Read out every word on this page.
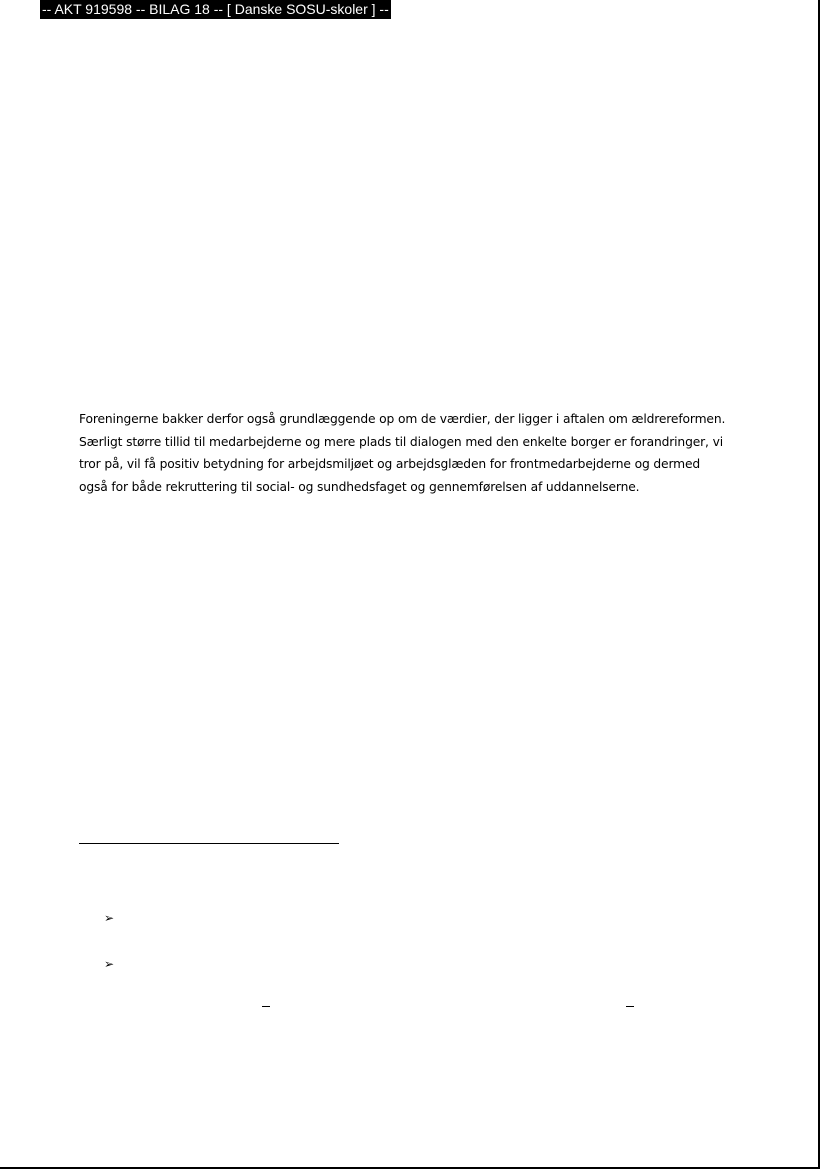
-- AKT 919598 -- BILAG 18 -- [ Danske SOSU-skoler ] --

Foreningerne bakker derfor også grundlæggende op om de værdier, der ligger i aftalen om ældrereformen.
Særligt større tillid til medarbejderne og mere plads til dialogen med den enkelte borger er forandringer, vi
tror på, vil få positiv betydning for arbejdsmiljøet og arbejdsglæden for frontmedarbejderne og dermed
også for både rekruttering til social- og sundhedsfaget og gennemførelsen af uddannelserne.

➢
➢
